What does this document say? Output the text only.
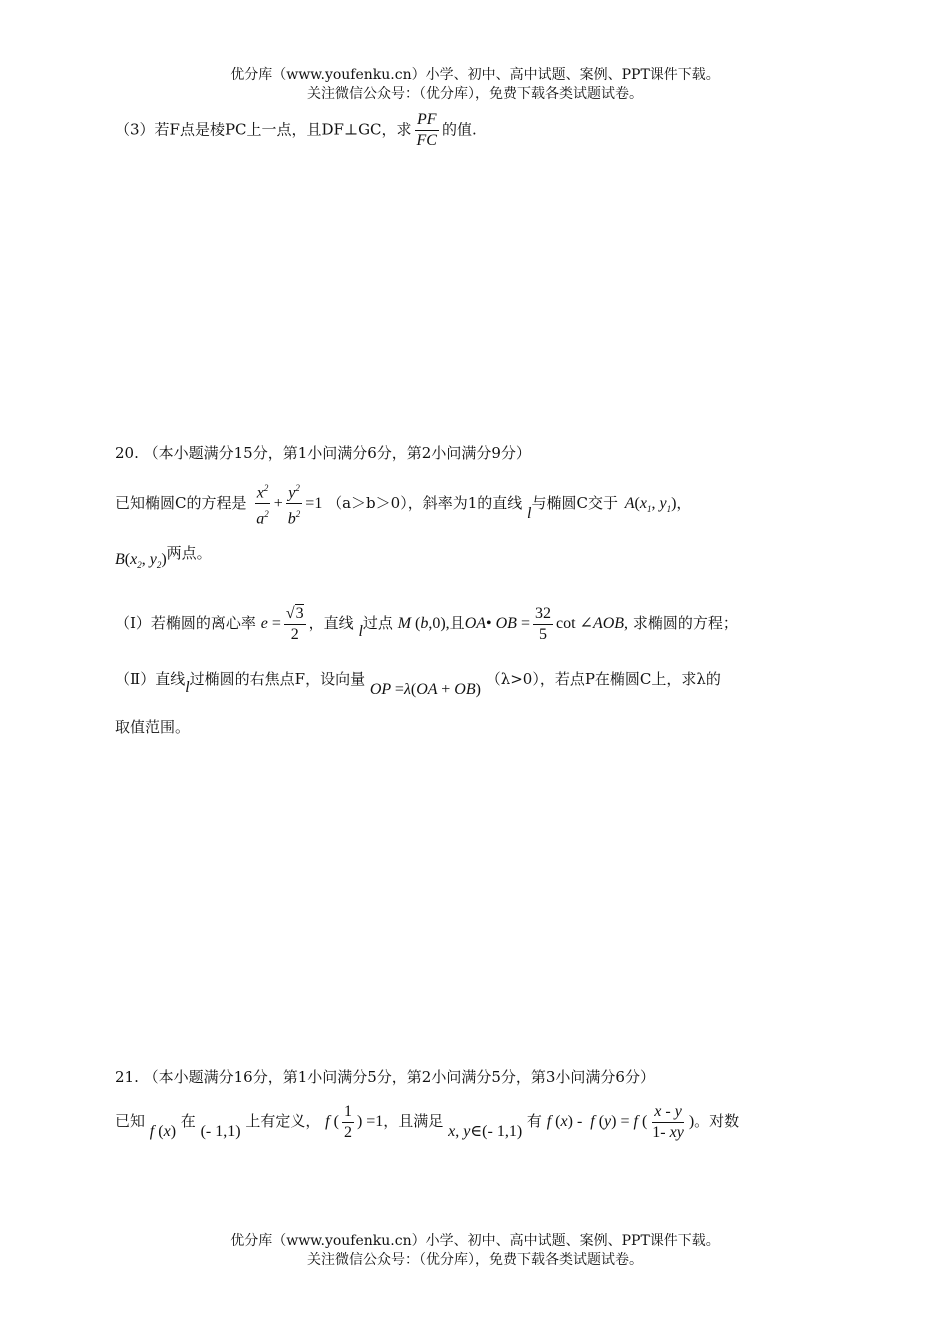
优分库（www.youfenku.cn）小学、初中、高中试题、案例、PPT课件下载。
关注微信公众号：（优分库），免费下载各类试题试卷。
（3）若F点是棱PC上一点，且DF⊥GC，求 $\frac{PF}{FC}$ 的值.
20. （本小题满分15分，第1小问满分6分，第2小问满分9分）
已知椭圆C的方程是 $\frac{x^2}{a^2} + \frac{y^2}{b^2} =1$ （a＞b＞0），斜率为1的直线 l与椭圆C交于 $A(x_1$, $y_1$)，
$B(x_2$, $y_2$)两点。
（Ⅰ）若椭圆的离心率 $e = \frac{√3}{2}$ ，直线 l过点 M (b,0),且OA• OB = $\frac{32}{5}$ cot ∠AOB, 求椭圆的方程；
（Ⅱ）直线l过椭圆的右焦点F，设向量 OP =λ(OA + OB) （λ>0），若点P在椭圆C上，求λ的
取值范围。
21. （本小题满分16分，第1小问满分5分，第2小问满分5分，第3小问满分6分）
已知 f (x) 在 (- 1,1) 上有定义， f ( $\frac{1}{2}$ ) =1，且满足 x, y∈(- 1,1) 有 f (x) -  f (y) = f ( $\frac{x - y}{1- xy}$ )。对数
优分库（www.youfenku.cn）小学、初中、高中试题、案例、PPT课件下载。
关注微信公众号：（优分库），免费下载各类试题试卷。
